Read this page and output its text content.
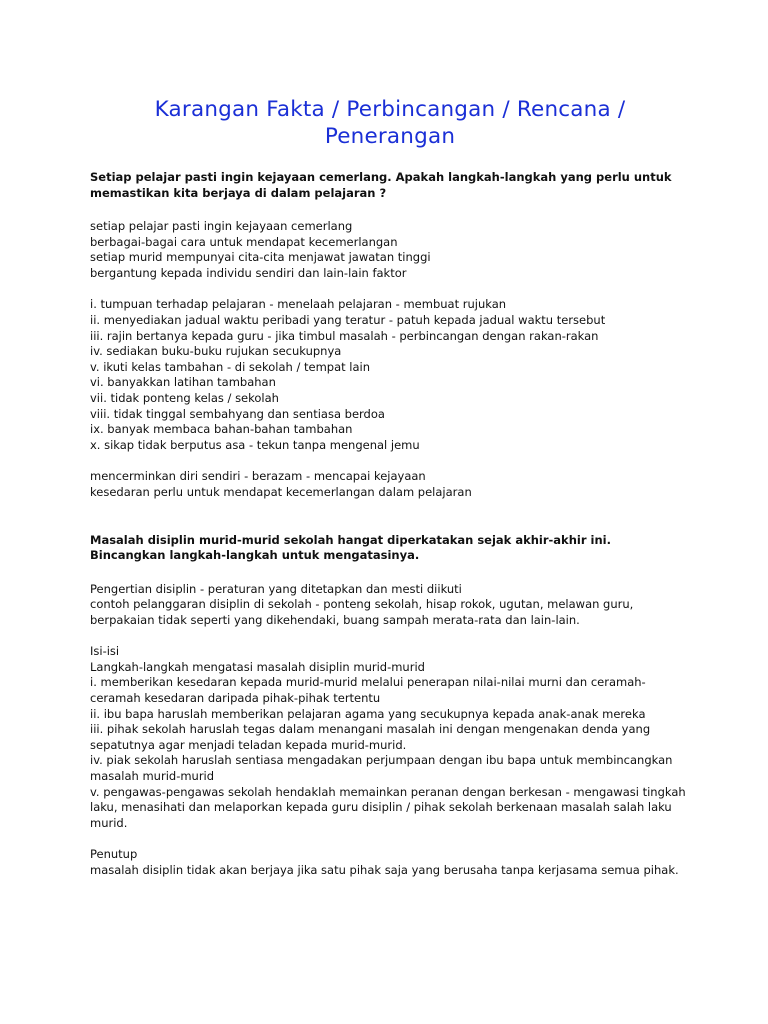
Karangan Fakta / Perbincangan / Rencana / Penerangan

Setiap pelajar pasti ingin kejayaan cemerlang. Apakah langkah-langkah yang perlu untuk memastikan kita berjaya di dalam pelajaran ?

setiap pelajar pasti ingin kejayaan cemerlang
berbagai-bagai cara untuk mendapat kecemerlangan
setiap murid mempunyai cita-cita menjawat jawatan tinggi
bergantung kepada individu sendiri dan lain-lain faktor
i. tumpuan terhadap pelajaran - menelaah pelajaran - membuat rujukan
ii. menyediakan jadual waktu peribadi yang teratur - patuh kepada jadual waktu tersebut
iii. rajin bertanya kepada guru - jika timbul masalah - perbincangan dengan rakan-rakan
iv. sediakan buku-buku rujukan secukupnya
v. ikuti kelas tambahan - di sekolah / tempat lain
vi. banyakkan latihan tambahan
vii. tidak ponteng kelas / sekolah
viii. tidak tinggal sembahyang dan sentiasa berdoa
ix. banyak membaca bahan-bahan tambahan
x. sikap tidak berputus asa - tekun tanpa mengenal jemu
mencerminkan diri sendiri - berazam - mencapai kejayaan
kesedaran perlu untuk mendapat kecemerlangan dalam pelajaran

Masalah disiplin murid-murid sekolah hangat diperkatakan sejak akhir-akhir ini. Bincangkan langkah-langkah untuk mengatasinya.

Pengertian disiplin - peraturan yang ditetapkan dan mesti diikuti
contoh pelanggaran disiplin di sekolah - ponteng sekolah, hisap rokok, ugutan, melawan guru, berpakaian tidak seperti yang dikehendaki, buang sampah merata-rata dan lain-lain.
Isi-isi
Langkah-langkah mengatasi masalah disiplin murid-murid
i. memberikan kesedaran kepada murid-murid melalui penerapan nilai-nilai murni dan ceramah-ceramah kesedaran daripada pihak-pihak tertentu
ii. ibu bapa haruslah memberikan pelajaran agama yang secukupnya kepada anak-anak mereka
iii. pihak sekolah haruslah tegas dalam menangani masalah ini dengan mengenakan denda yang sepatutnya agar menjadi teladan kepada murid-murid.
iv. piak sekolah haruslah sentiasa mengadakan perjumpaan dengan ibu bapa untuk membincangkan masalah murid-murid
v. pengawas-pengawas sekolah hendaklah memainkan peranan dengan berkesan - mengawasi tingkah laku, menasihati dan melaporkan kepada guru disiplin / pihak sekolah berkenaan masalah salah laku murid.
Penutup
masalah disiplin tidak akan berjaya jika satu pihak saja yang berusaha tanpa kerjasama semua pihak.
